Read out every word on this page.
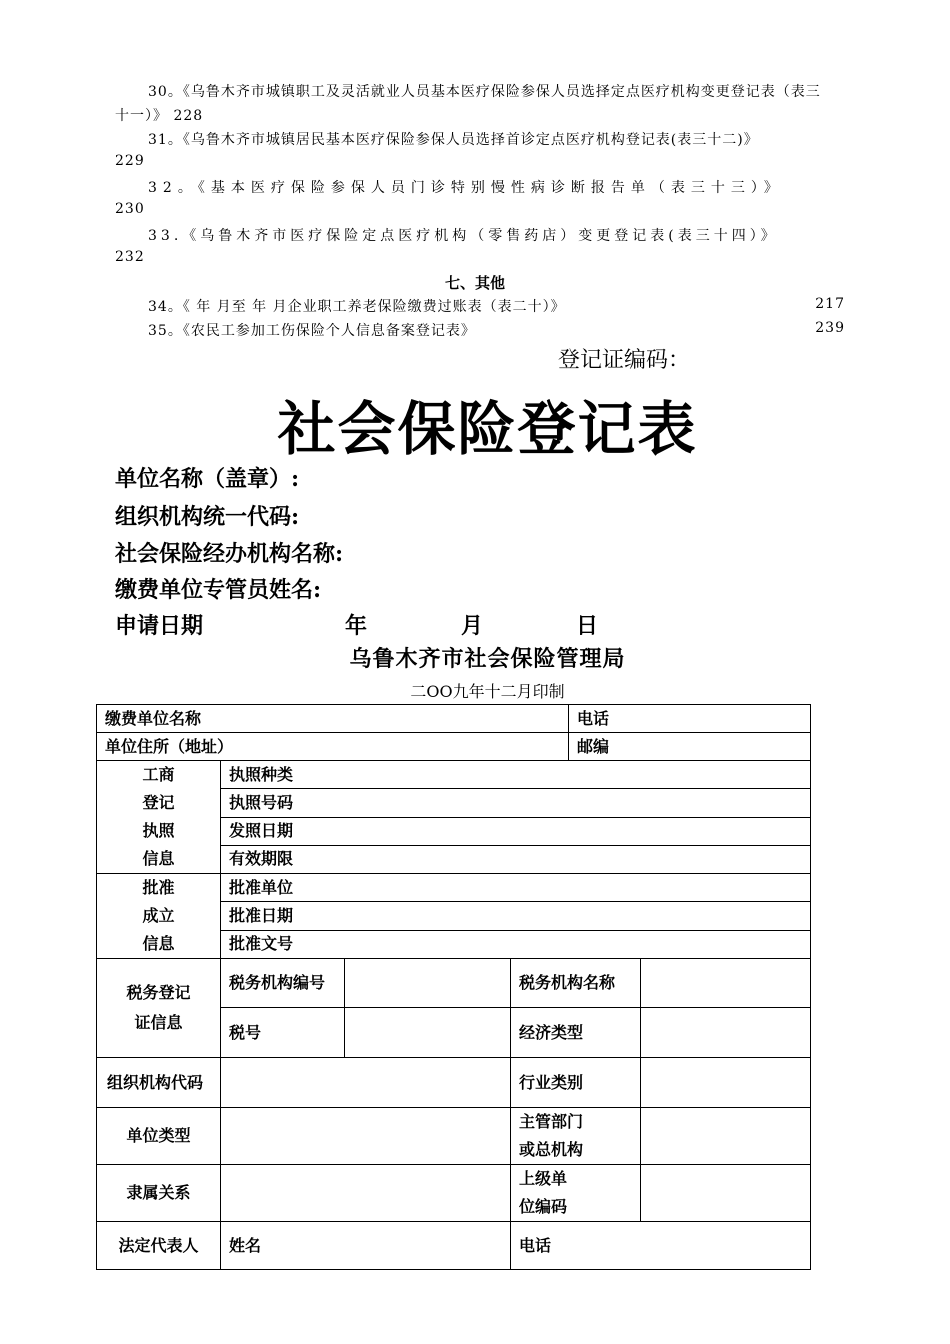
30。《乌鲁木齐市城镇职工及灵活就业人员基本医疗保险参保人员选择定点医疗机构变更登记表（表三
十一）》 228
31。《乌鲁木齐市城镇居民基本医疗保险参保人员选择首诊定点医疗机构登记表(表三十二)》
229
32。《基本医疗保险参保人员门诊特别慢性病诊断报告单（表三十三）》
230
33.《乌鲁木齐市医疗保险定点医疗机构（零售药店）变更登记表(表三十四）》
232
七、其他
34。《 年 月至 年 月企业职工养老保险缴费过账表（表二十）》	217
35。《农民工参加工伤保险个人信息备案登记表》	239
登记证编码：
社会保险登记表
单位名称（盖章）:
组织机构统一代码:
社会保险经办机构名称:
缴费单位专管员姓名:
申请日期	年	月	日
乌鲁木齐市社会保险管理局
二OO九年十二月印制
缴费单位名称				电话	
单位住所（地址）				邮编	

工商
登记
执照
信息	执照种类				
	执照号码				
	发照日期				
	有效期限				

批准
成立
信息	批准单位				
	批准日期				
	批准文号				

税务登记
证信息	税务机构编号		税务机构名称		
	税号		经济类型		
组织机构代码			行业类别		
单位类型			主管部门
或总机构		

隶属关系			上级单
位编码		

法定代表人	姓名		电话		
